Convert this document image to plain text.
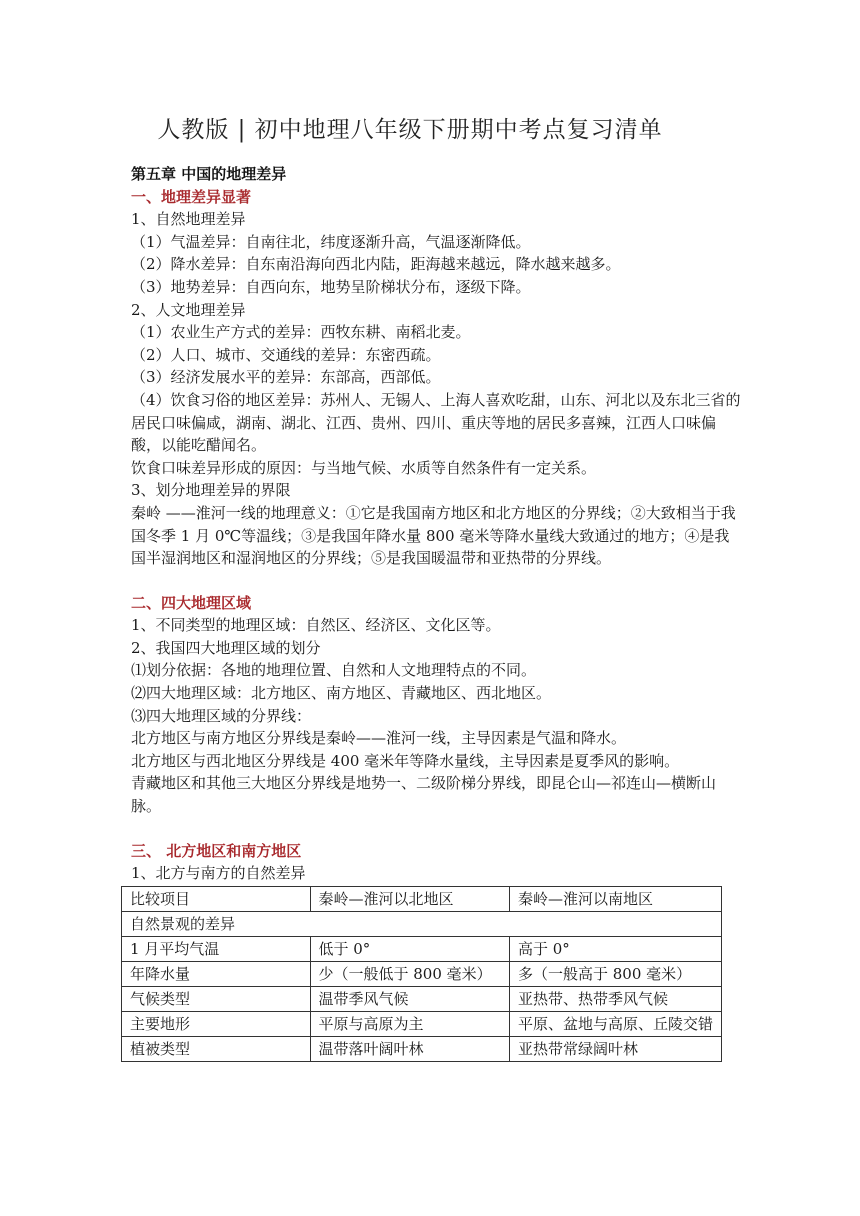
人教版 | 初中地理八年级下册期中考点复习清单

第五章 中国的地理差异

一、地理差异显著

1、自然地理差异

（1）气温差异：自南往北，纬度逐渐升高，气温逐渐降低。

（2）降水差异：自东南沿海向西北内陆，距海越来越远，降水越来越多。

（3）地势差异：自西向东，地势呈阶梯状分布，逐级下降。

2、人文地理差异

（1）农业生产方式的差异：西牧东耕、南稻北麦。

（2）人口、城市、交通线的差异：东密西疏。

（3）经济发展水平的差异：东部高，西部低。

（4）饮食习俗的地区差异：苏州人、无锡人、上海人喜欢吃甜，山东、河北以及东北三省的居民口味偏咸，湖南、湖北、江西、贵州、四川、重庆等地的居民多喜辣，江西人口味偏酸，以能吃醋闻名。

饮食口味差异形成的原因：与当地气候、水质等自然条件有一定关系。

3、划分地理差异的界限

秦岭 ——淮河一线的地理意义：①它是我国南方地区和北方地区的分界线；②大致相当于我国冬季 1 月 0℃等温线；③是我国年降水量 800 毫米等降水量线大致通过的地方；④是我国半湿润地区和湿润地区的分界线；⑤是我国暖温带和亚热带的分界线。

二、四大地理区域

1、不同类型的地理区域：自然区、经济区、文化区等。

2、我国四大地理区域的划分

⑴划分依据：各地的地理位置、自然和人文地理特点的不同。

⑵四大地理区域：北方地区、南方地区、青藏地区、西北地区。

⑶四大地理区域的分界线：

北方地区与南方地区分界线是秦岭——淮河一线，主导因素是气温和降水。

北方地区与西北地区分界线是 400 毫米年等降水量线，主导因素是夏季风的影响。

青藏地区和其他三大地区分界线是地势一、二级阶梯分界线，即昆仑山—祁连山—横断山脉。

三、 北方地区和南方地区

1、北方与南方的自然差异

比较项目	秦岭—淮河以北地区	秦岭—淮河以南地区
自然景观的差异		
1 月平均气温	低于 0°	高于 0°
年降水量	少（一般低于 800 毫米）	多（一般高于 800 毫米）
气候类型	温带季风气候	亚热带、热带季风气候
主要地形	平原与高原为主	平原、盆地与高原、丘陵交错
植被类型	温带落叶阔叶林	亚热带常绿阔叶林
